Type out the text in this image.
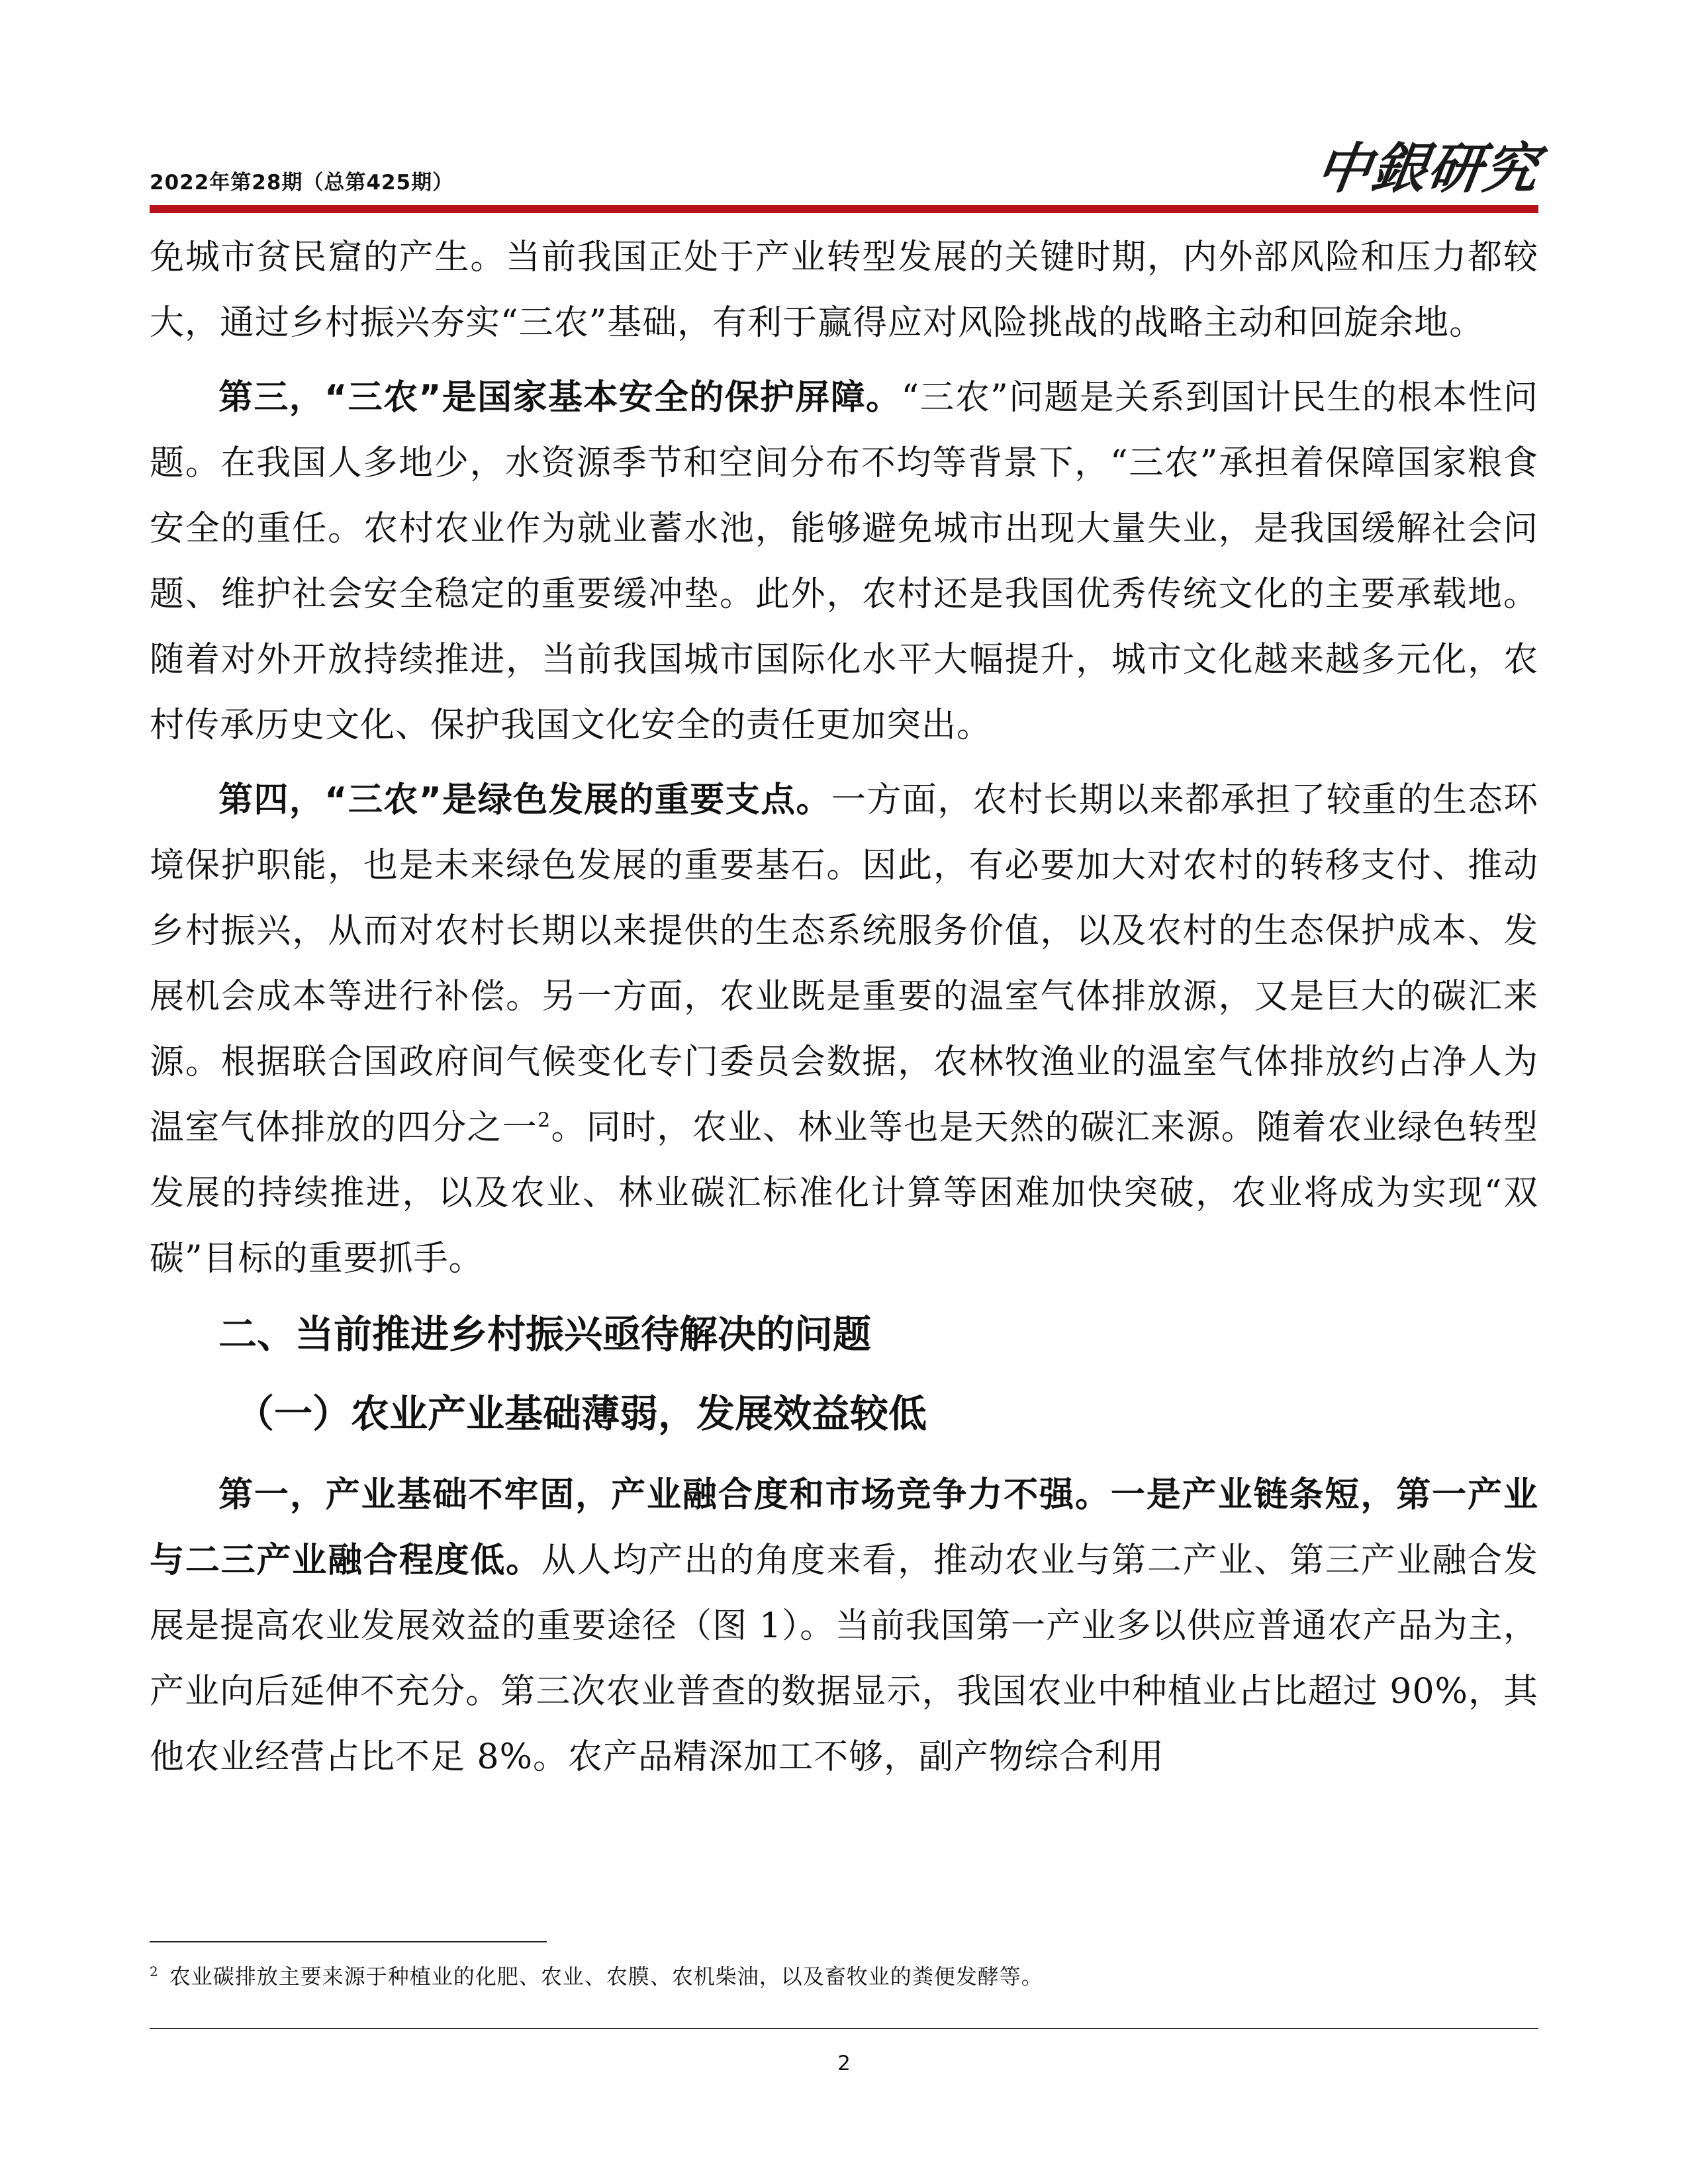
2022年第28期（总第425期）	中銀研究

免城市贫民窟的产生。当前我国正处于产业转型发展的关键时期，内外部风险和压力都较大，通过乡村振兴夯实“三农”基础，有利于赢得应对风险挑战的战略主动和回旋余地。

第三，“三农”是国家基本安全的保护屏障。“三农”问题是关系到国计民生的根本性问题。在我国人多地少，水资源季节和空间分布不均等背景下，“三农”承担着保障国家粮食安全的重任。农村农业作为就业蓄水池，能够避免城市出现大量失业，是我国缓解社会问题、维护社会安全稳定的重要缓冲垫。此外，农村还是我国优秀传统文化的主要承载地。随着对外开放持续推进，当前我国城市国际化水平大幅提升，城市文化越来越多元化，农村传承历史文化、保护我国文化安全的责任更加突出。

第四，“三农”是绿色发展的重要支点。一方面，农村长期以来都承担了较重的生态环境保护职能，也是未来绿色发展的重要基石。因此，有必要加大对农村的转移支付、推动乡村振兴，从而对农村长期以来提供的生态系统服务价值，以及农村的生态保护成本、发展机会成本等进行补偿。另一方面，农业既是重要的温室气体排放源，又是巨大的碳汇来源。根据联合国政府间气候变化专门委员会数据，农林牧渔业的温室气体排放约占净人为温室气体排放的四分之一$^2$。同时，农业、林业等也是天然的碳汇来源。随着农业绿色转型发展的持续推进，以及农业、林业碳汇标准化计算等困难加快突破，农业将成为实现“双碳”目标的重要抓手。

二、当前推进乡村振兴亟待解决的问题
（一）农业产业基础薄弱，发展效益较低

第一，产业基础不牢固，产业融合度和市场竞争力不强。一是产业链条短，第一产业与二三产业融合程度低。从人均产出的角度来看，推动农业与第二产业、第三产业融合发展是提高农业发展效益的重要途径（图 1）。当前我国第一产业多以供应普通农产品为主，产业向后延伸不充分。第三次农业普查的数据显示，我国农业中种植业占比超过 90%，其他农业经营占比不足 8%。农产品精深加工不够，副产物综合利用

$^2$ 农业碳排放主要来源于种植业的化肥、农业、农膜、农机柴油，以及畜牧业的粪便发酵等。
2
